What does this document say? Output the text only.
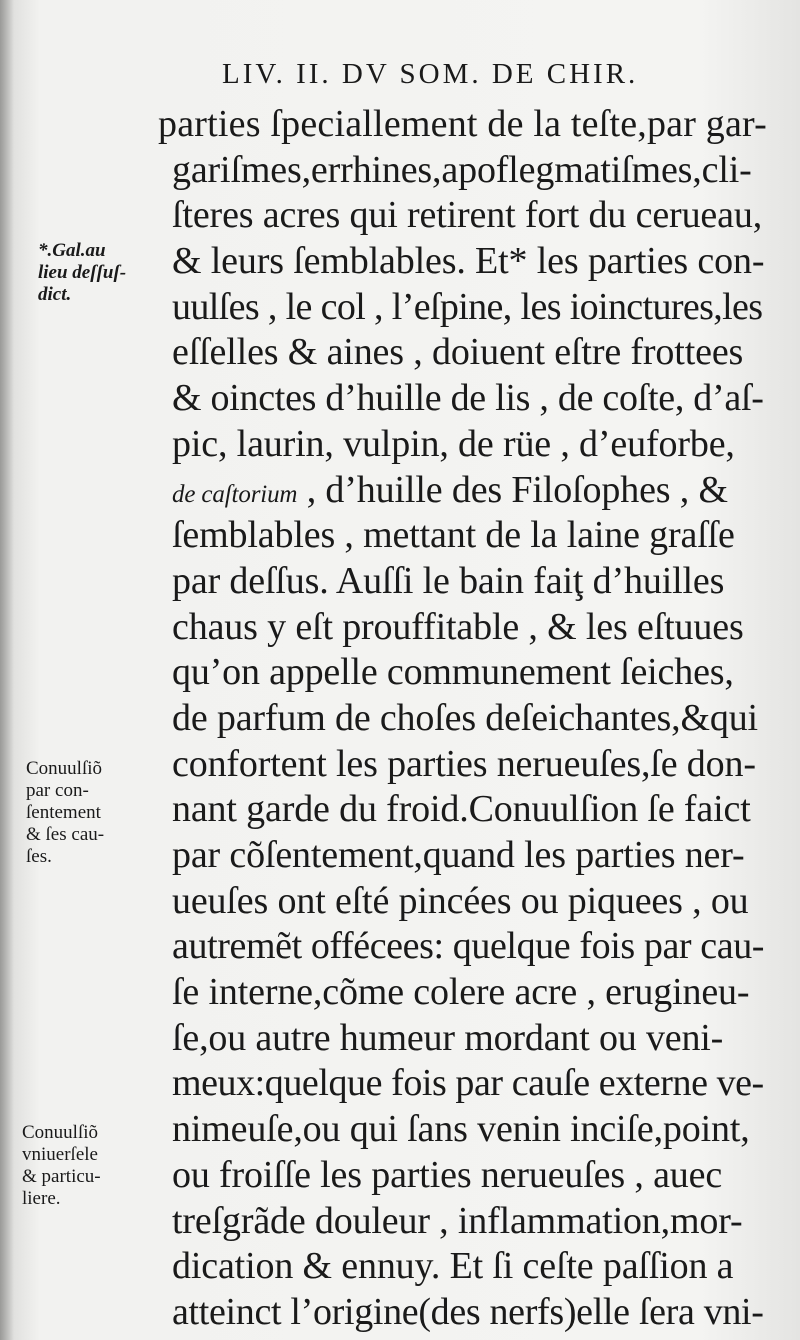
LIV. II. DV SOM. DE CHIR.
parties ſpeciallement de la teſte,par gar-
gariſmes,errhines,apoflegmatiſmes,cli-
ſteres acres qui retirent fort du cerueau,
& leurs ſemblables. Et* les parties con-
uulſes , le col , l’eſpine, les ioinctures,les
eſſelles & aines , doiuent eſtre frottees
& oinctes d’huille de lis , de coſte, d’aſ-
pic, laurin, vulpin, de rüe , d’euforbe,
de caſtorium , d’huille des Filoſophes , &
ſemblables , mettant de la laine graſſe
par deſſus. Auſſi le bain faiţ d’huilles
chaus y eſt prouffitable , & les eſtuues
qu’on appelle communement ſeiches,
de parfum de choſes deſeichantes,&qui
confortent les parties nerueuſes,ſe don-
nant garde du froid.Conuulſion ſe faict
par cõſentement,quand les parties ner-
ueuſes ont eſté pincées ou piquees , ou
autremẽt offécees: quelque fois par cau-
ſe interne,cõme colere acre , erugineu-
ſe,ou autre humeur mordant ou veni-
meux:quelque fois par cauſe externe ve-
nimeuſe,ou qui ſans venin inciſe,point,
ou froiſſe les parties nerueuſes , auec
treſgrãde douleur , inflammation,mor-
dication & ennuy. Et ſi ceſte paſſion a
atteinct l’origine(des nerfs)elle ſera vni-
*.Gal.au
lieu deſſuſ-
dict.
Conuulſiõ
par con-
ſentement
& ſes cau-
ſes.
Conuulſiõ
vniuerſele
& particu-
liere.
